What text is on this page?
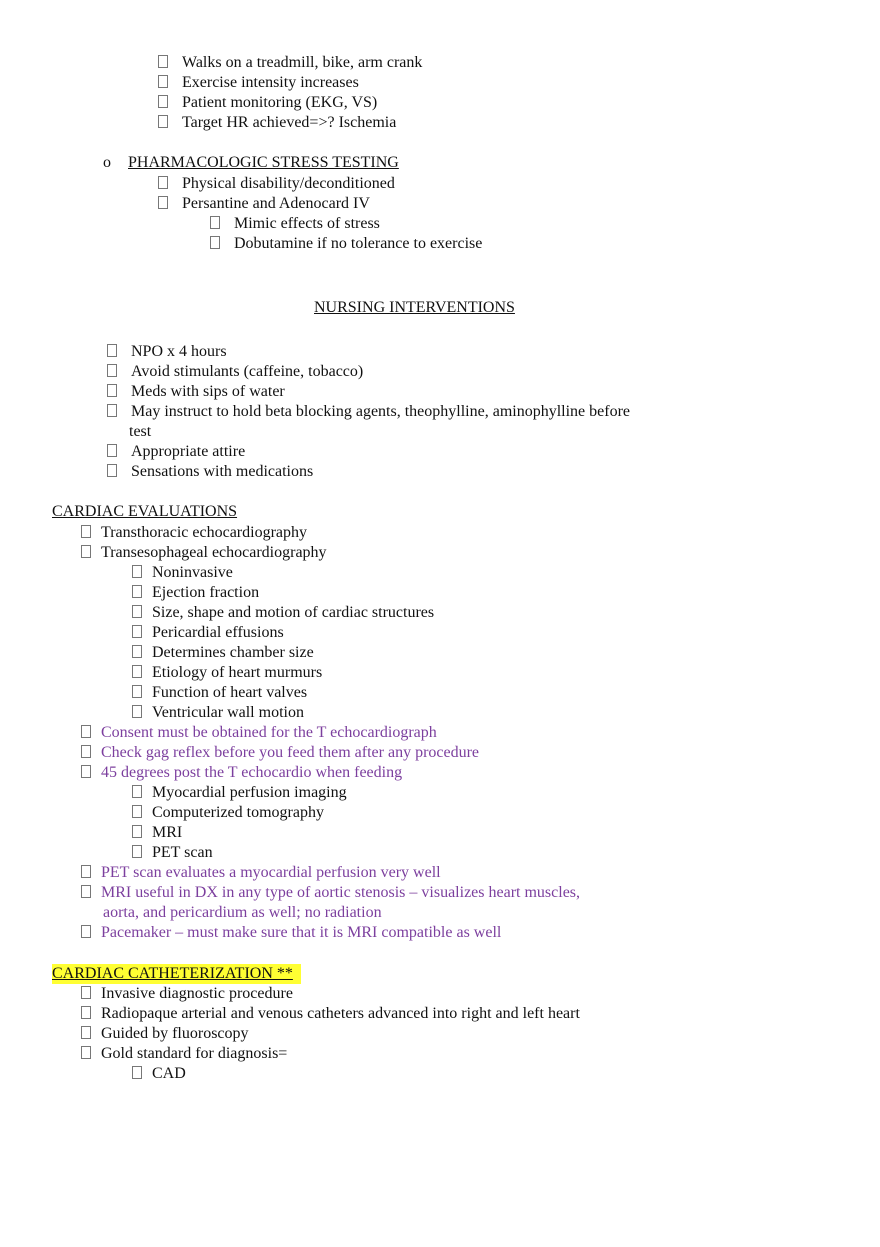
Walks on a treadmill, bike, arm crank
Exercise intensity increases
Patient monitoring (EKG, VS)
Target HR achieved=>? Ischemia
o PHARMACOLOGIC STRESS TESTING
Physical disability/deconditioned
Persantine and Adenocard IV
Mimic effects of stress
Dobutamine if no tolerance to exercise
NURSING INTERVENTIONS
NPO x 4 hours
Avoid stimulants (caffeine, tobacco)
Meds with sips of water
May instruct to hold beta blocking agents, theophylline, aminophylline before
test
Appropriate attire
Sensations with medications
CARDIAC EVALUATIONS
Transthoracic echocardiography
Transesophageal echocardiography
Noninvasive
Ejection fraction
Size, shape and motion of cardiac structures
Pericardial effusions
Determines chamber size
Etiology of heart murmurs
Function of heart valves
Ventricular wall motion
Consent must be obtained for the T echocardiograph
Check gag reflex before you feed them after any procedure
45 degrees post the T echocardio when feeding
Myocardial perfusion imaging
Computerized tomography
MRI
PET scan
PET scan evaluates a myocardial perfusion very well
MRI useful in DX in any type of aortic stenosis – visualizes heart muscles,
aorta, and pericardium as well; no radiation
Pacemaker – must make sure that it is MRI compatible as well
CARDIAC CATHETERIZATION **
Invasive diagnostic procedure
Radiopaque arterial and venous catheters advanced into right and left heart
Guided by fluoroscopy
Gold standard for diagnosis=
CAD
